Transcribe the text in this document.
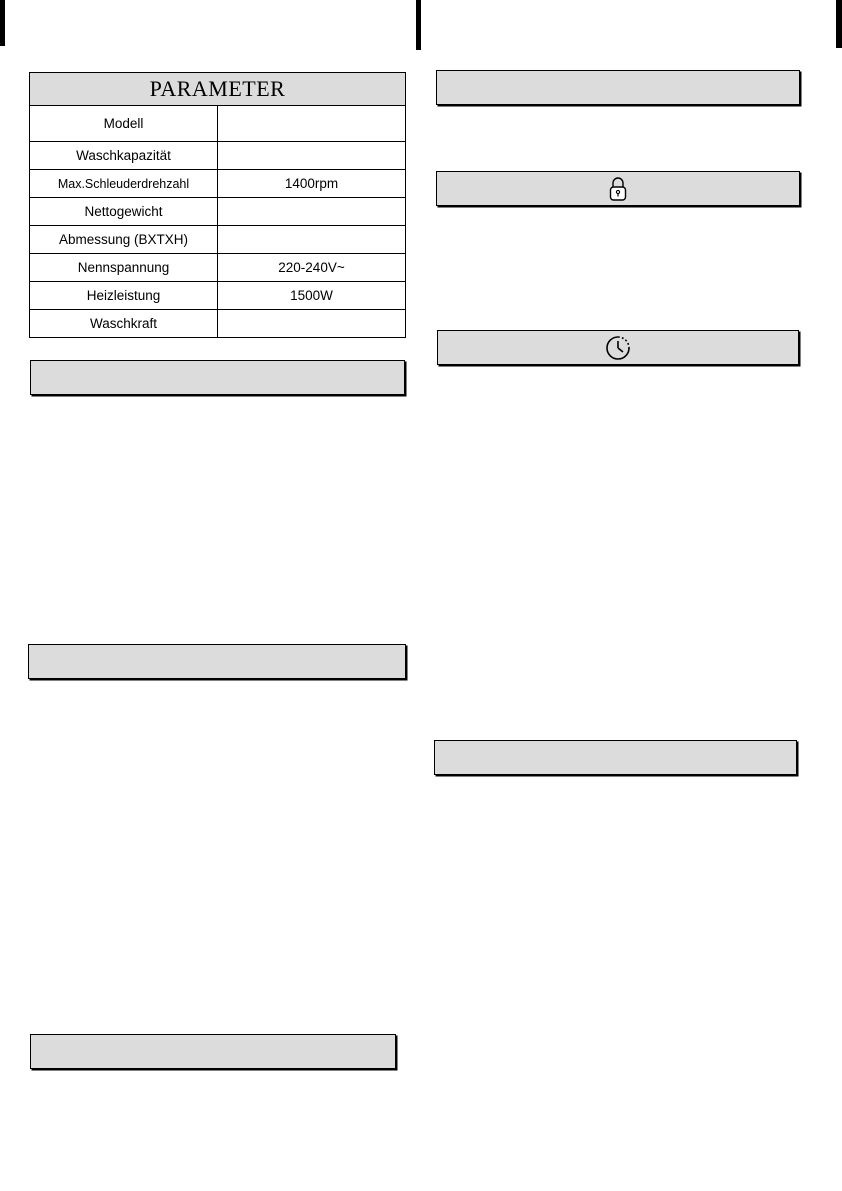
PARAMETER	
Modell	
Waschkapazität	
Max.Schleuderdrehzahl	1400rpm
Nettogewicht	
Abmessung (BXTXH)	
Nennspannung	220-240V~
Heizleistung	1500W
Waschkraft	
